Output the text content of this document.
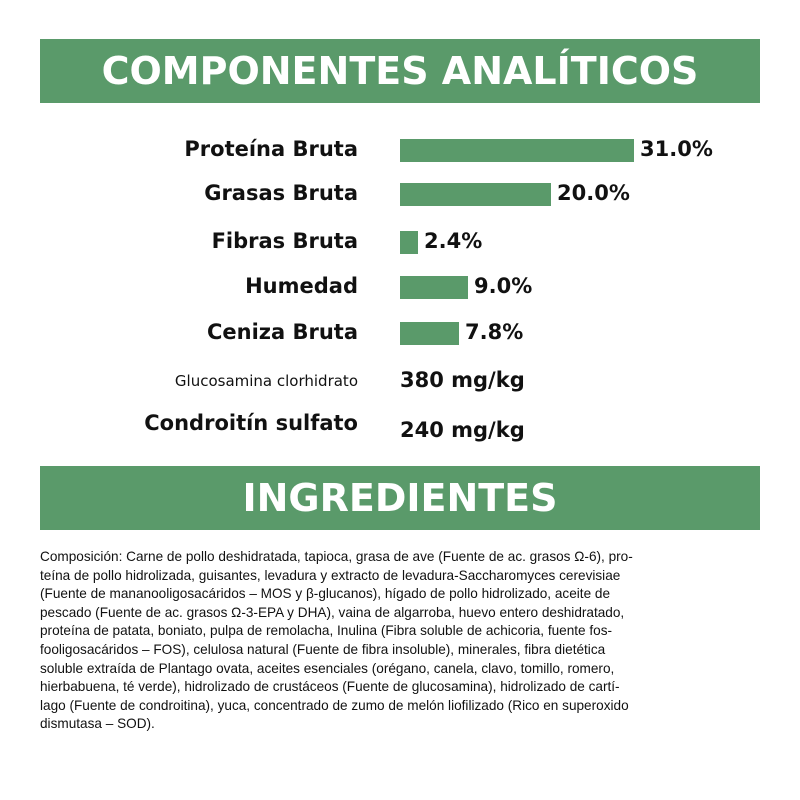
COMPONENTES ANALÍTICOS
Proteína Bruta	31.0%
Grasas Bruta	20.0%
Fibras Bruta	2.4%
Humedad	9.0%
Ceniza Bruta	7.8%
Glucosamina clorhidrato 380 mg/kg
Condroitín sulfato 240 mg/kg
INGREDIENTES

Composición: Carne de pollo deshidratada, tapioca, grasa de ave (Fuente de ac. grasos Ω-6), pro-
teína de pollo hidrolizada, guisantes, levadura y extracto de levadura-Saccharomyces cerevisiae
(Fuente de mananooligosacáridos – MOS y β-glucanos), hígado de pollo hidrolizado, aceite de
pescado (Fuente de ac. grasos Ω-3-EPA y DHA), vaina de algarroba, huevo entero deshidratado,
proteína de patata, boniato, pulpa de remolacha, Inulina (Fibra soluble de achicoria, fuente fos-
fooligosacáridos – FOS), celulosa natural (Fuente de fibra insoluble), minerales, fibra dietética
soluble extraída de Plantago ovata, aceites esenciales (orégano, canela, clavo, tomillo, romero,
hierbabuena, té verde), hidrolizado de crustáceos (Fuente de glucosamina), hidrolizado de cartí-
lago (Fuente de condroitina), yuca, concentrado de zumo de melón liofilizado (Rico en superoxido
dismutasa – SOD).
